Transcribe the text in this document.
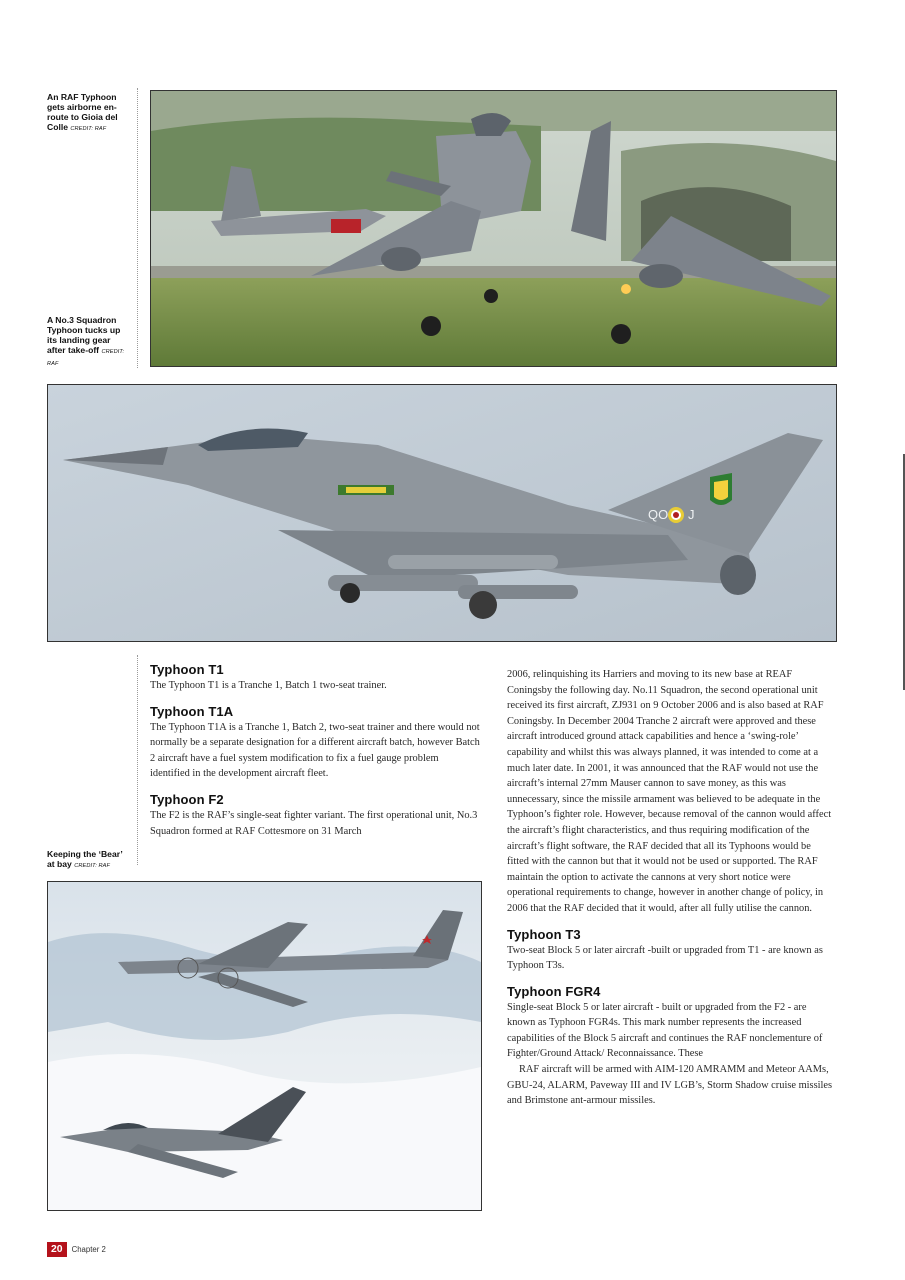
An RAF Typhoon gets airborne en-route to Gioia del Colle CREDIT: RAF
A No.3 Squadron Typhoon tucks up its landing gear after take-off CREDIT: RAF
Keeping the ‘Bear’ at bay CREDIT: RAF
QO J
Typhoon T1

The Typhoon T1 is a Tranche 1, Batch 1 two-seat trainer.

Typhoon T1A

The Typhoon T1A is a Tranche 1, Batch 2, two-seat trainer and there would not normally be a separate designation for a different aircraft batch, however Batch 2 aircraft have a fuel system modification to fix a fuel gauge problem identified in the development aircraft fleet.

Typhoon F2

The F2 is the RAF’s single-seat fighter variant. The first operational unit, No.3 Squadron formed at RAF Cottesmore on 31 March

2006, relinquishing its Harriers and moving to its new base at REAF Coningsby the following day. No.11 Squadron, the second operational unit received its first aircraft, ZJ931 on 9 October 2006 and is also based at RAF Coningsby. In December 2004 Tranche 2 aircraft were approved and these aircraft introduced ground attack capabilities and hence a ‘swing-role’ capability and whilst this was always planned, it was intended to come at a much later date. In 2001, it was announced that the RAF would not use the aircraft’s internal 27mm Mauser cannon to save money, as this was unnecessary, since the missile armament was believed to be adequate in the Typhoon’s fighter role. However, because removal of the cannon would affect the aircraft’s flight characteristics, and thus requiring modification of the aircraft’s flight software, the RAF decided that all its Typhoons would be fitted with the cannon but that it would not be used or supported. The RAF maintain the option to activate the cannons at very short notice were operational requirements to change, however in another change of policy, in 2006 that the RAF decided that it would, after all fully utilise the cannon.

Typhoon T3

Two-seat Block 5 or later aircraft -built or upgraded from T1 - are known as Typhoon T3s.

Typhoon FGR4

Single-seat Block 5 or later aircraft - built or upgraded from the F2 - are known as Typhoon FGR4s. This mark number represents the increased capabilities of the Block 5 aircraft and continues the RAF nonclementure of Fighter/Ground Attack/ Reconnaissance. These

RAF aircraft will be armed with AIM-120 AMRAMM and Meteor AAMs, GBU-24, ALARM, Paveway III and IV LGB’s, Storm Shadow cruise missiles and Brimstone ant-armour missiles.

20	Chapter 2
